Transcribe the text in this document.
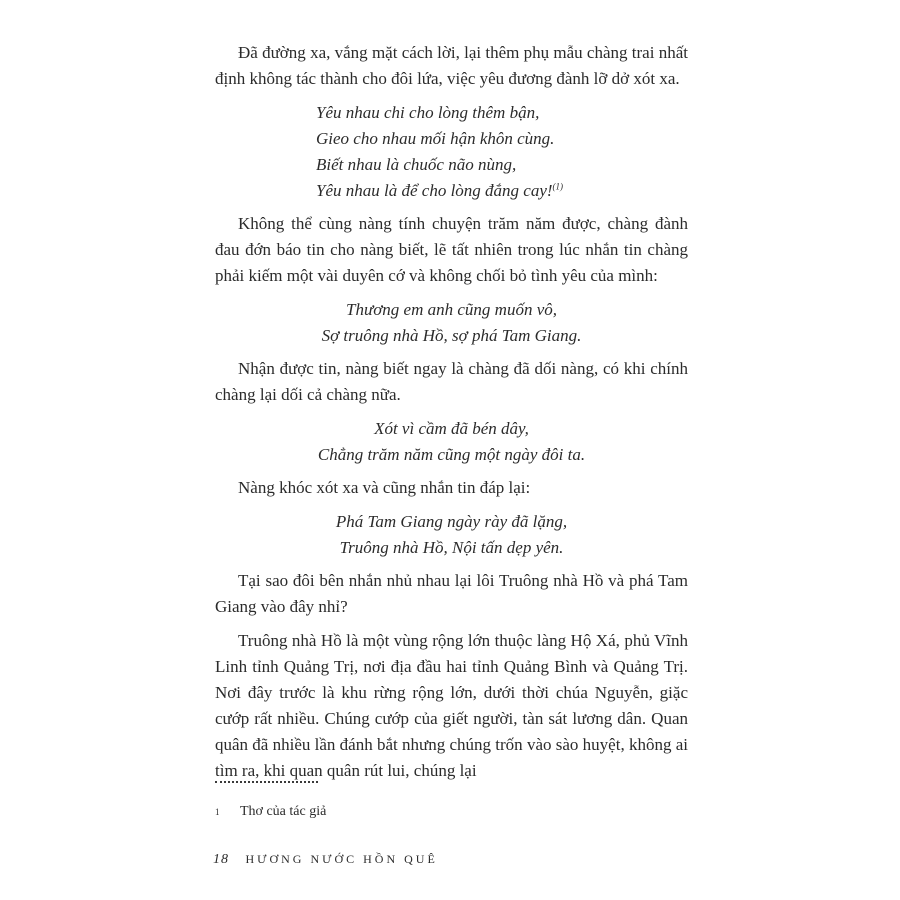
Đã đường xa, vắng mặt cách lời, lại thêm phụ mẫu chàng trai nhất định không tác thành cho đôi lứa, việc yêu đương đành lỡ dở xót xa.

Yêu nhau chi cho lòng thêm bận,
Gieo cho nhau mối hận khôn cùng.
Biết nhau là chuốc não nùng,
Yêu nhau là để cho lòng đắng cay!$^{(1)}$

Không thể cùng nàng tính chuyện trăm năm được, chàng đành đau đớn báo tin cho nàng biết, lẽ tất nhiên trong lúc nhắn tin chàng phải kiếm một vài duyên cớ và không chối bỏ tình yêu của mình:

Thương em anh cũng muốn vô,
Sợ truông nhà Hồ, sợ phá Tam Giang.

Nhận được tin, nàng biết ngay là chàng đã dối nàng, có khi chính chàng lại dối cả chàng nữa.

Xót vì cầm đã bén dây,
Chẳng trăm năm cũng một ngày đôi ta.

Nàng khóc xót xa và cũng nhắn tin đáp lại:

Phá Tam Giang ngày rày đã lặng,
Truông nhà Hồ, Nội tấn dẹp yên.

Tại sao đôi bên nhắn nhủ nhau lại lôi Truông nhà Hồ và phá Tam Giang vào đây nhỉ?

Truông nhà Hồ là một vùng rộng lớn thuộc làng Hộ Xá, phủ Vĩnh Linh tỉnh Quảng Trị, nơi địa đầu hai tỉnh Quảng Bình và Quảng Trị. Nơi đây trước là khu rừng rộng lớn, dưới thời chúa Nguyễn, giặc cướp rất nhiều. Chúng cướp của giết người, tàn sát lương dân. Quan quân đã nhiều lần đánh bắt nhưng chúng trốn vào sào huyệt, không ai tìm ra, khi quan quân rút lui, chúng lại

1 Thơ của tác giả
18 HƯƠNG NƯỚC HỒN QUÊ
